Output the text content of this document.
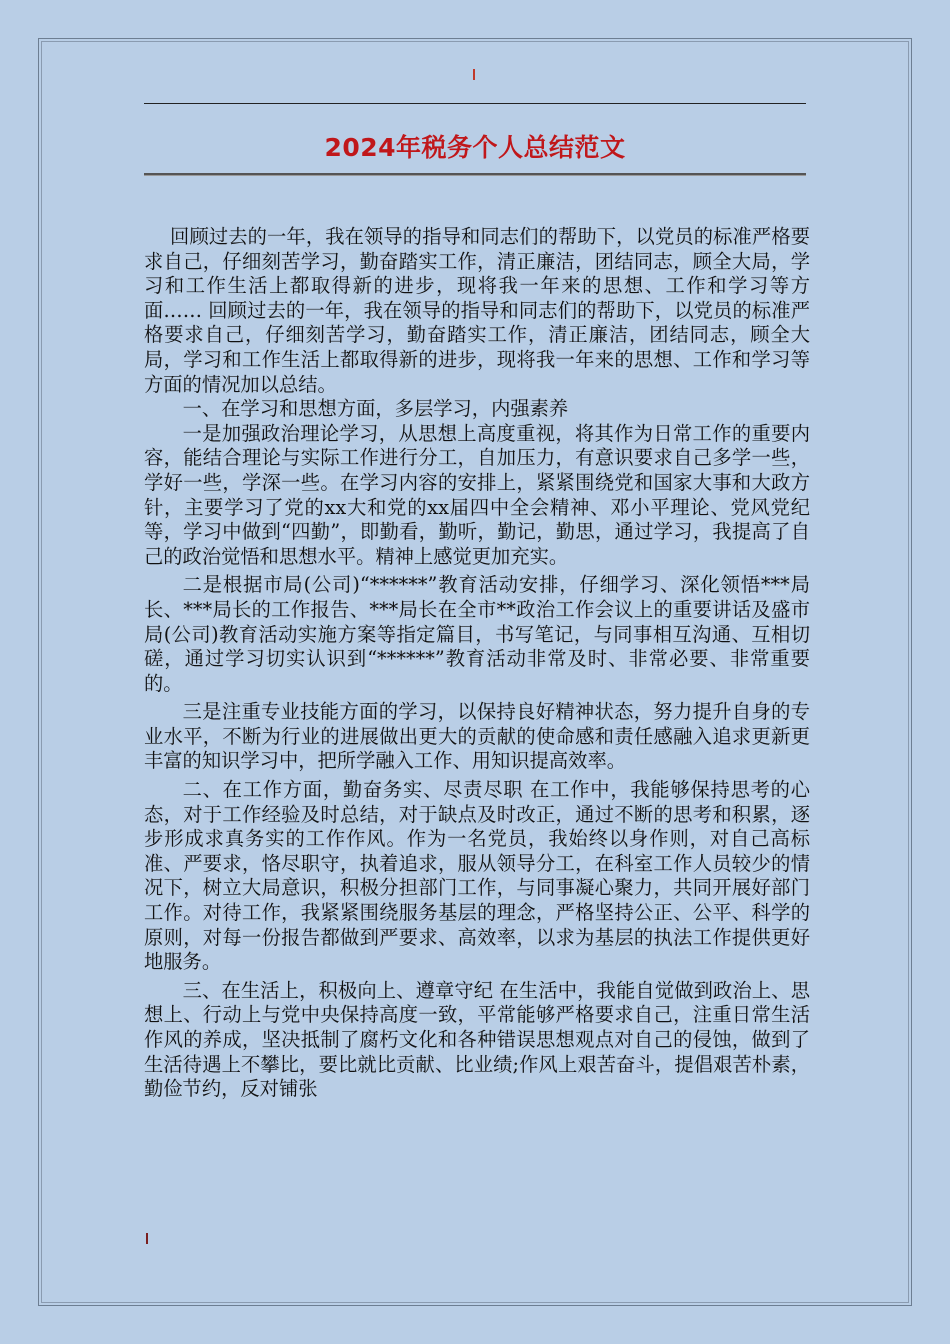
2024年税务个人总结范文

回顾过去的一年，我在领导的指导和同志们的帮助下，以党员的标准严格要求自己，仔细刻苦学习，勤奋踏实工作，清正廉洁，团结同志，顾全大局，学习和工作生活上都取得新的进步，现将我一年来的思想、工作和学习等方面…… 回顾过去的一年，我在领导的指导和同志们的帮助下，以党员的标准严格要求自己，仔细刻苦学习，勤奋踏实工作，清正廉洁，团结同志，顾全大局，学习和工作生活上都取得新的进步，现将我一年来的思想、工作和学习等方面的情况加以总结。

一、在学习和思想方面，多层学习，内强素养

一是加强政治理论学习，从思想上高度重视，将其作为日常工作的重要内容，能结合理论与实际工作进行分工，自加压力，有意识要求自己多学一些，学好一些，学深一些。在学习内容的安排上，紧紧围绕党和国家大事和大政方针，主要学习了党的xx大和党的xx届四中全会精神、邓小平理论、党风党纪等，学习中做到“四勤”，即勤看，勤听，勤记，勤思，通过学习，我提高了自己的政治觉悟和思想水平。精神上感觉更加充实。

二是根据市局(公司)“******”教育活动安排，仔细学习、深化领悟***局长、***局长的工作报告、***局长在全市**政治工作会议上的重要讲话及盛市局(公司)教育活动实施方案等指定篇目，书写笔记，与同事相互沟通、互相切磋，通过学习切实认识到“******”教育活动非常及时、非常必要、非常重要的。

三是注重专业技能方面的学习，以保持良好精神状态，努力提升自身的专业水平，不断为行业的进展做出更大的贡献的使命感和责任感融入追求更新更丰富的知识学习中，把所学融入工作、用知识提高效率。

二、在工作方面，勤奋务实、尽责尽职 在工作中，我能够保持思考的心态，对于工作经验及时总结，对于缺点及时改正，通过不断的思考和积累，逐步形成求真务实的工作作风。作为一名党员，我始终以身作则，对自己高标准、严要求，恪尽职守，执着追求，服从领导分工，在科室工作人员较少的情况下，树立大局意识，积极分担部门工作，与同事凝心聚力，共同开展好部门工作。对待工作，我紧紧围绕服务基层的理念，严格坚持公正、公平、科学的原则，对每一份报告都做到严要求、高效率，以求为基层的执法工作提供更好地服务。

三、在生活上，积极向上、遵章守纪 在生活中，我能自觉做到政治上、思想上、行动上与党中央保持高度一致，平常能够严格要求自己，注重日常生活作风的养成，坚决抵制了腐朽文化和各种错误思想观点对自己的侵蚀，做到了生活待遇上不攀比，要比就比贡献、比业绩;作风上艰苦奋斗，提倡艰苦朴素，勤俭节约，反对铺张
